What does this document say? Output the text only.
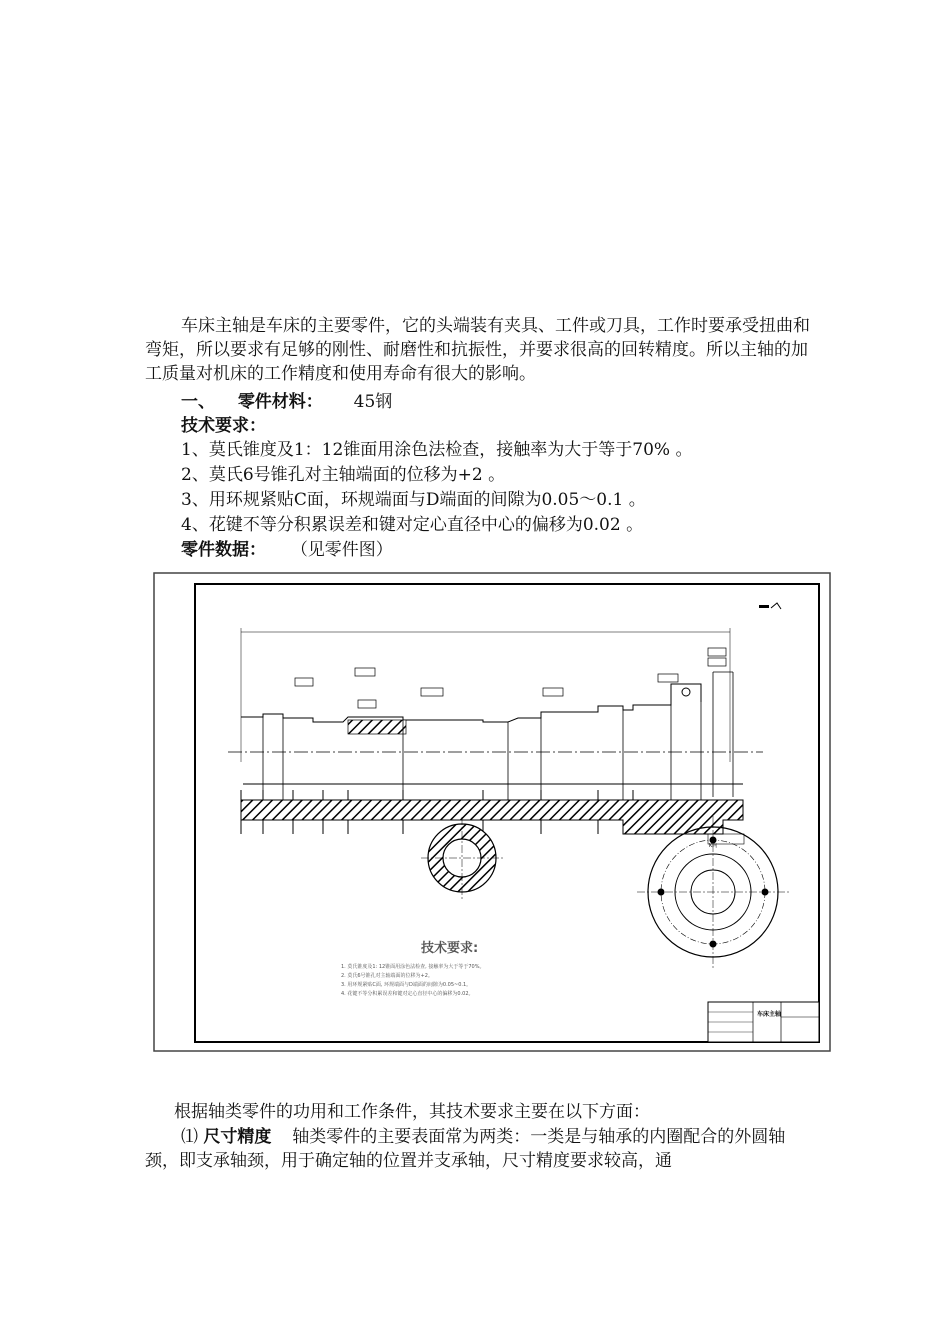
车床主轴是车床的主要零件，它的头端装有夹具、工件或刀具，工作时要承受扭曲和弯矩，所以要求有足够的刚性、耐磨性和抗振性，并要求很高的回转精度。所以主轴的加工质量对机床的工作精度和使用寿命有很大的影响。
一、 零件材料： 45钢
技术要求：
1、莫氏锥度及1：12锥面用涂色法检查，接触率为大于等于70% 。
2、莫氏6号锥孔对主轴端面的位移为+2 。
3、用环规紧贴C面，环规端面与D端面的间隙为0.05～0.1 。
4、花键不等分积累误差和键对定心直径中心的偏移为0.02 。
零件数据： （见零件图）
K向
技术要求:
1. 莫氏锥度及1: 12锥面用涂色法检查, 接触率为大于等于70%。
2. 莫氏6号锥孔对主轴端面的位移为+2。
3. 用环规紧贴C面, 环规端面与D端面的间隙为0.05~0.1。
4. 花键不等分积累误差和键对定心直径中心的偏移为0.02。
车床主轴
根据轴类零件的功用和工作条件，其技术要求主要在以下方面：
⑴ 尺寸精度 轴类零件的主要表面常为两类：一类是与轴承的内圈配合的外圆轴颈，即支承轴颈，用于确定轴的位置并支承轴，尺寸精度要求较高，通
